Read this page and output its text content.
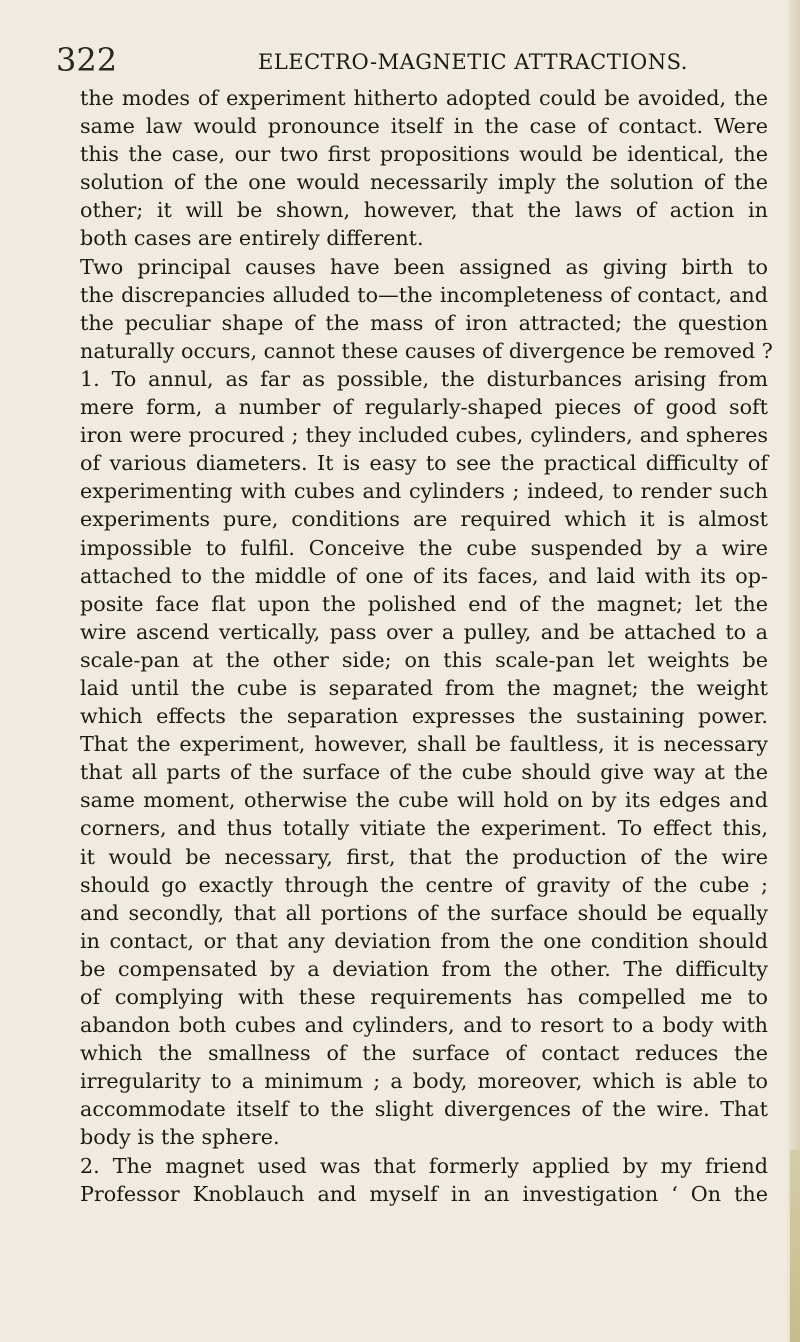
322	ELECTRO-MAGNETIC ATTRACTIONS.
the modes of experiment hitherto adopted could be avoided, the
same law would pronounce itself in the case of contact. Were
this the case, our two first propositions would be identical, the
solution of the one would necessarily imply the solution of the
other; it will be shown, however, that the laws of action in
both cases are entirely different.
Two principal causes have been assigned as giving birth to
the discrepancies alluded to—the incompleteness of contact, and
the peculiar shape of the mass of iron attracted; the question
naturally occurs, cannot these causes of divergence be removed ?
1. To annul, as far as possible, the disturbances arising from
mere form, a number of regularly-shaped pieces of good soft
iron were procured ; they included cubes, cylinders, and spheres
of various diameters. It is easy to see the practical difficulty of
experimenting with cubes and cylinders ; indeed, to render such
experiments pure, conditions are required which it is almost
impossible to fulfil. Conceive the cube suspended by a wire
attached to the middle of one of its faces, and laid with its op-
posite face flat upon the polished end of the magnet; let the
wire ascend vertically, pass over a pulley, and be attached to a
scale-pan at the other side; on this scale-pan let weights be
laid until the cube is separated from the magnet; the weight
which effects the separation expresses the sustaining power.
That the experiment, however, shall be faultless, it is necessary
that all parts of the surface of the cube should give way at the
same moment, otherwise the cube will hold on by its edges and
corners, and thus totally vitiate the experiment. To effect this,
it would be necessary, first, that the production of the wire
should go exactly through the centre of gravity of the cube ;
and secondly, that all portions of the surface should be equally
in contact, or that any deviation from the one condition should
be compensated by a deviation from the other. The difficulty
of complying with these requirements has compelled me to
abandon both cubes and cylinders, and to resort to a body with
which the smallness of the surface of contact reduces the
irregularity to a minimum ; a body, moreover, which is able to
accommodate itself to the slight divergences of the wire. That
body is the sphere.
2. The magnet used was that formerly applied by my friend
Professor Knoblauch and myself in an investigation ‘ On the
